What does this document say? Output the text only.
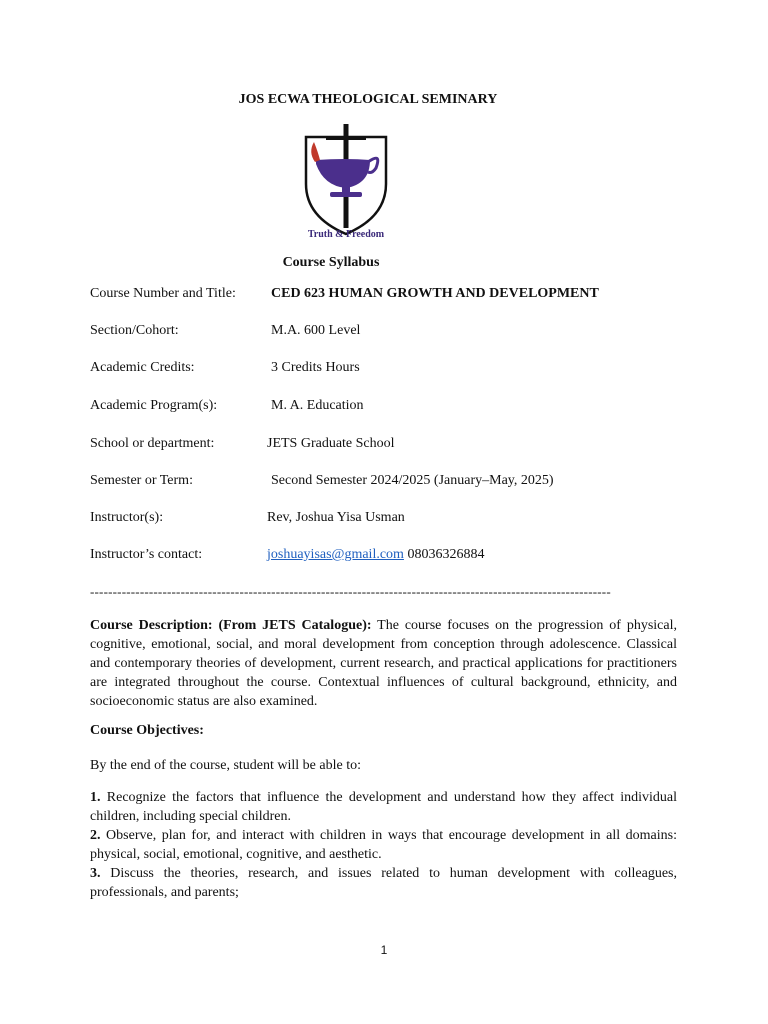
JOS ECWA THEOLOGICAL SEMINARY
Truth & Freedom
Course Syllabus
Course Number and Title:	CED 623 HUMAN GROWTH AND DEVELOPMENT
Section/Cohort:	M.A. 600 Level
Academic Credits:	3 Credits Hours
Academic Program(s):	M. A. Education
School or department:	JETS Graduate School
Semester or Term:	Second Semester 2024/2025 (January–May, 2025)
Instructor(s):	Rev, Joshua Yisa Usman
Instructor’s contact:	joshuayisas@gmail.com 08036326884
-------------------------------------------------------------------------------------------------------------------
Course Description: (From JETS Catalogue): The course focuses on the progression of physical, cognitive, emotional, social, and moral development from conception through adolescence. Classical and contemporary theories of development, current research, and practical applications for practitioners are integrated throughout the course. Contextual influences of cultural background, ethnicity, and socioeconomic status are also examined.
Course Objectives:
By the end of the course, student will be able to:
1. Recognize the factors that influence the development and understand how they affect individual children, including special children.
2. Observe, plan for, and interact with children in ways that encourage development in all domains: physical, social, emotional, cognitive, and aesthetic.
3. Discuss the theories, research, and issues related to human development with colleagues, professionals, and parents;
1
